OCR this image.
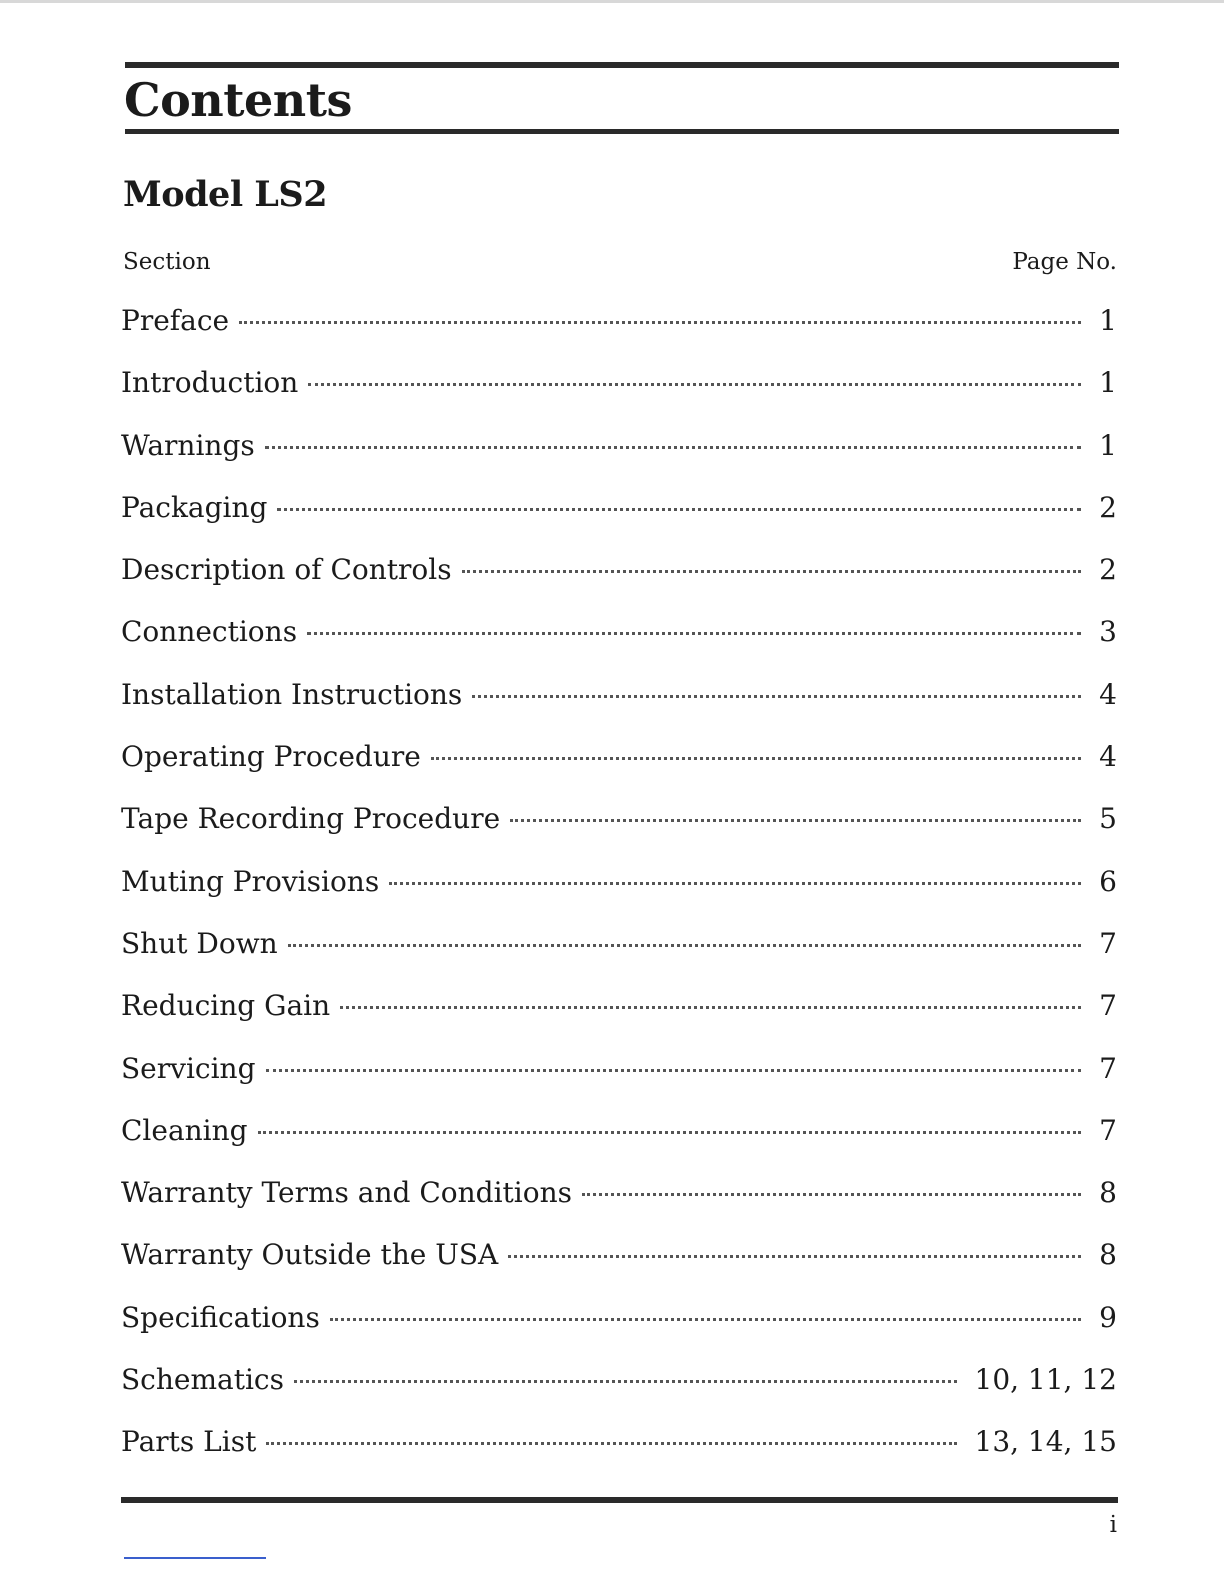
Contents
Model LS2
Section	Page No.
Preface	1
Introduction	1
Warnings	1
Packaging	2
Description of Controls	2
Connections	3
Installation Instructions	4
Operating Procedure	4
Tape Recording Procedure	5
Muting Provisions	6
Shut Down	7
Reducing Gain	7
Servicing	7
Cleaning	7
Warranty Terms and Conditions	8
Warranty Outside the USA	8
Specifications	9
Schematics	10, 11, 12
Parts List	13, 14, 15
i
